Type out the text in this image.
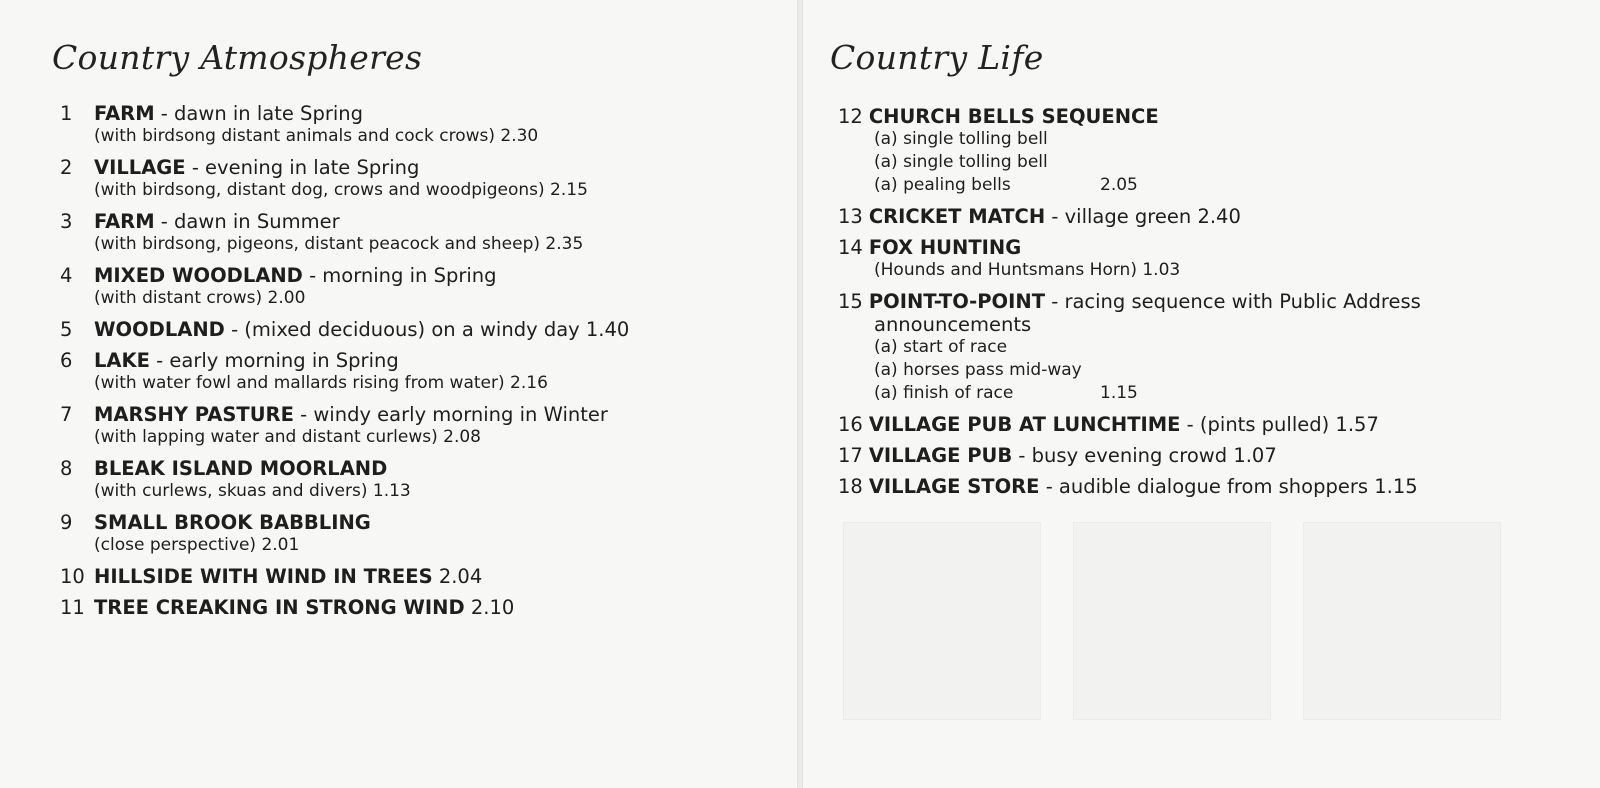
Country Atmospheres
1	FARM - dawn in late Spring
(with birdsong distant animals and cock crows) 2.30
2	VILLAGE - evening in late Spring
(with birdsong, distant dog, crows and woodpigeons) 2.15
3	FARM - dawn in Summer
(with birdsong, pigeons, distant peacock and sheep) 2.35
4	MIXED WOODLAND - morning in Spring
(with distant crows) 2.00
5	WOODLAND - (mixed deciduous) on a windy day 1.40
6	LAKE - early morning in Spring
(with water fowl and mallards rising from water) 2.16
7	MARSHY PASTURE - windy early morning in Winter
(with lapping water and distant curlews) 2.08
8	BLEAK ISLAND MOORLAND
(with curlews, skuas and divers) 1.13
9	SMALL BROOK BABBLING
(close perspective) 2.01
10 HILLSIDE WITH WIND IN TREES 2.04
11 TREE CREAKING IN STRONG WIND 2.10
Country Life
12 CHURCH BELLS SEQUENCE
(a) single tolling bell
(a) single tolling bell
(a) pealing bells	2.05
13 CRICKET MATCH - village green 2.40
14 FOX HUNTING
(Hounds and Huntsmans Horn) 1.03
15 POINT-TO-POINT - racing sequence with Public Address
announcements
(a) start of race
(a) horses pass mid-way
(a) finish of race	1.15
16 VILLAGE PUB AT LUNCHTIME - (pints pulled) 1.57
17 VILLAGE PUB - busy evening crowd 1.07
18 VILLAGE STORE - audible dialogue from shoppers 1.15
